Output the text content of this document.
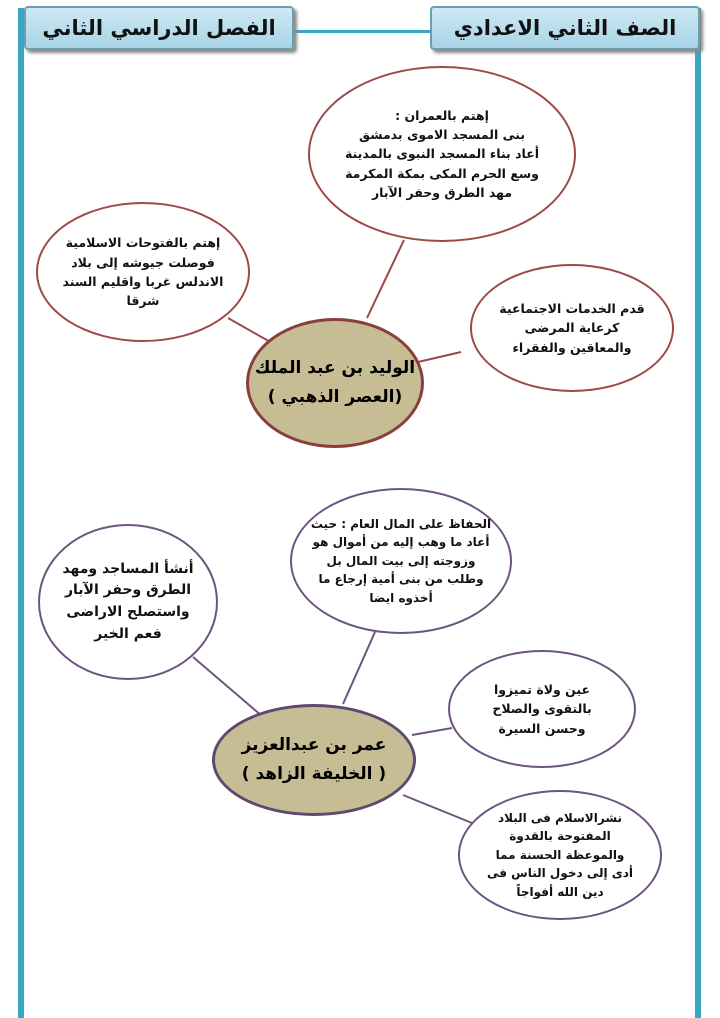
الصف الثاني الاعدادي
الفصل الدراسي الثاني
إهتم بالعمران :
بنى المسجد الاموى بدمشق
أعاد بناء المسجد النبوى بالمدينة
وسع الحرم المكى بمكة المكرمة
مهد الطرق وحفر الآبار
إهتم بالفتوحات الاسلامية
فوصلت جيوشه إلى بلاد
الاندلس غربا واقليم السند
شرقا
قدم الخدمات الاجتماعية
كرعاية المرضى
والمعاقين والفقراء
الوليد بن عبد الملك
(العصر الذهبي )
الحفاظ على المال العام : حيث
أعاد ما وهب إليه من أموال هو
وزوجته إلى بيت المال بل
وطلب من بنى أمية إرجاع ما
أخذوه ايضا
أنشأ المساجد ومهد
الطرق وحفر الآبار
واستصلح الاراضى
فعم الخير
عين ولاة تميزوا
بالتقوى والصلاح
وحسن السيرة
عمر بن عبدالعزيز
( الخليفة الزاهد )
نشرالاسلام فى البلاد
المفتوحة بالقدوة
والموعظة الحسنة مما
أدى إلى دخول الناس فى
دين الله أفواجاً
